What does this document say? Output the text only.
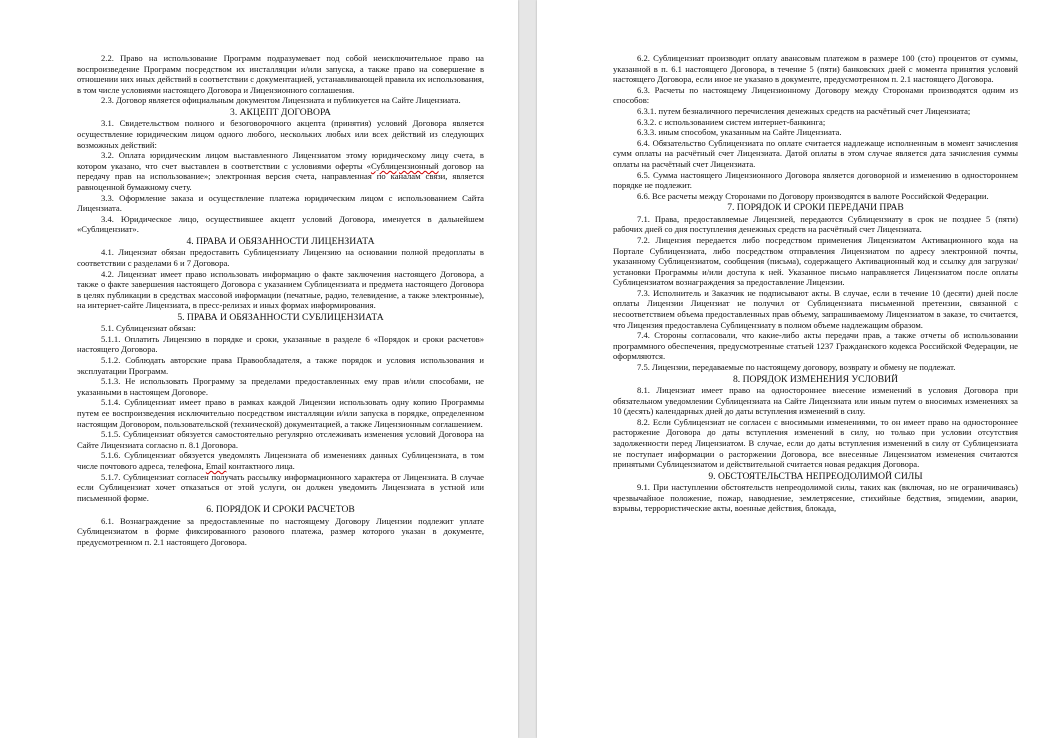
2.2. Право на использование Программ подразумевает под собой неисключительное право на воспроизведение Программ посредством их инсталляции и/или запуска, а также право на совершение в отношении них иных действий в соответствии с документацией, устанавливающей правила их использования, в том числе условиями настоящего Договора и Лицензионного соглашения.

2.3. Договор является официальным документом Лицензиата и публикуется на Сайте Лицензиата.

3. АКЦЕПТ ДОГОВОРА

3.1. Свидетельством полного и безоговорочного акцепта (принятия) условий Договора является осуществление юридическим лицом одного любого, нескольких любых или всех действий из следующих возможных действий:

3.2. Оплата юридическим лицом выставленного Лицензиатом этому юридическому лицу счета, в котором указано, что счет выставлен в соответствии с условиями оферты «Сублицензионный договор на передачу прав на использование»; электронная версия счета, направленная по каналам связи, является равноценной бумажному счету.

3.3. Оформление заказа и осуществление платежа юридическим лицом с использованием Сайта Лицензиата.

3.4. Юридическое лицо, осуществившее акцепт условий Договора, именуется в дальнейшем «Сублицензиат».

4. ПРАВА И ОБЯЗАННОСТИ ЛИЦЕНЗИАТА

4.1. Лицензиат обязан предоставить Сублицензиату Лицензию на основании полной предоплаты в соответствии с разделами 6 и 7 Договора.

4.2. Лицензиат имеет право использовать информацию о факте заключения настоящего Договора, а также о факте завершения настоящего Договора с указанием Сублицензиата и предмета настоящего Договора в целях публикации в средствах массовой информации (печатные, радио, телевидение, а также электронные), на интернет-сайте Лицензиата, в пресс-релизах и иных формах информирования.

5. ПРАВА И ОБЯЗАННОСТИ СУБЛИЦЕНЗИАТА

5.1. Сублицензиат обязан:

5.1.1. Оплатить Лицензию в порядке и сроки, указанные в разделе 6 «Порядок и сроки расчетов» настоящего Договора.

5.1.2. Соблюдать авторские права Правообладателя, а также порядок и условия использования и эксплуатации Программ.

5.1.3. Не использовать Программу за пределами предоставленных ему прав и/или способами, не указанными в настоящем Договоре.

5.1.4. Сублицензиат имеет право в рамках каждой Лицензии использовать одну копию Программы путем ее воспроизведения исключительно посредством инсталляции и/или запуска в порядке, определенном настоящим Договором, пользовательской (технической) документацией, а также Лицензионным соглашением.

5.1.5. Сублицензиат обязуется самостоятельно регулярно отслеживать изменения условий Договора на Сайте Лицензиата согласно п. 8.1 Договора.

5.1.6. Сублицензиат обязуется уведомлять Лицензиата об изменениях данных Сублицензиата, в том числе почтового адреса, телефона, Email контактного лица.

5.1.7. Сублицензиат согласен получать рассылку информационного характера от Лицензиата. В случае если Сублицензиат хочет отказаться от этой услуги, он должен уведомить Лицензиата в устной или письменной форме.

6. ПОРЯДОК И СРОКИ РАСЧЕТОВ

6.1. Вознаграждение за предоставленные по настоящему Договору Лицензии подлежит уплате Сублицензиатом в форме фиксированного разового платежа, размер которого указан в документе, предусмотренном п. 2.1 настоящего Договора.

6.2. Сублицензиат производит оплату авансовым платежом в размере 100 (сто) процентов от суммы, указанной в п. 6.1 настоящего Договора, в течение 5 (пяти) банковских дней с момента принятия условий настоящего Договора, если иное не указано в документе, предусмотренном п. 2.1 настоящего Договора.

6.3. Расчеты по настоящему Лицензионному Договору между Сторонами производятся одним из способов:

6.3.1. путем безналичного перечисления денежных средств на расчётный счет Лицензиата;

6.3.2. с использованием систем интернет-банкинга;

6.3.3. иным способом, указанным на Сайте Лицензиата.

6.4. Обязательство Сублицензиата по оплате считается надлежаще исполненным в момент зачисления сумм оплаты на расчётный счет Лицензиата. Датой оплаты в этом случае является дата зачисления суммы оплаты на расчётный счет Лицензиата.

6.5. Сумма настоящего Лицензионного Договора является договорной и изменению в одностороннем порядке не подлежит.

6.6. Все расчеты между Сторонами по Договору производятся в валюте Российской Федерации.

7. ПОРЯДОК И СРОКИ ПЕРЕДАЧИ ПРАВ

7.1. Права, предоставляемые Лицензией, передаются Сублицензиату в срок не позднее 5 (пяти) рабочих дней со дня поступления денежных средств на расчётный счет Лицензиата.

7.2. Лицензия передается либо посредством применения Лицензиатом Активационного кода на Портале Сублицензиата, либо посредством отправления Лицензиатом по адресу электронной почты, указанному Сублицензиатом, сообщения (письма), содержащего Активационный код и ссылку для загрузки/установки Программы и/или доступа к ней. Указанное письмо направляется Лицензиатом после оплаты Сублицензиатом вознаграждения за предоставление Лицензии.

7.3. Исполнитель и Заказчик не подписывают акты. В случае, если в течение 10 (десяти) дней после оплаты Лицензии Лицензиат не получил от Сублицензиата письменной претензии, связанной с несоответствием объема предоставленных прав объему, запрашиваемому Лицензиатом в заказе, то считается, что Лицензия предоставлена Сублицензиату в полном объеме надлежащим образом.

7.4. Стороны согласовали, что какие-либо акты передачи прав, а также отчеты об использовании программного обеспечения, предусмотренные статьей 1237 Гражданского кодекса Российской Федерации, не оформляются.

7.5. Лицензии, передаваемые по настоящему договору, возврату и обмену не подлежат.

8. ПОРЯДОК ИЗМЕНЕНИЯ УСЛОВИЙ

8.1. Лицензиат имеет право на одностороннее внесение изменений в условия Договора при обязательном уведомлении Сублицензиата на Сайте Лицензиата или иным путем о вносимых изменениях за 10 (десять) календарных дней до даты вступления изменений в силу.

8.2. Если Сублицензиат не согласен с вносимыми изменениями, то он имеет право на одностороннее расторжение Договора до даты вступления изменений в силу, но только при условии отсутствия задолженности перед Лицензиатом. В случае, если до даты вступления изменений в силу от Сублицензиата не поступает информации о расторжении Договора, все внесенные Лицензиатом изменения считаются принятыми Сублицензиатом и действительной считается новая редакция Договора.

9. ОБСТОЯТЕЛЬСТВА НЕПРЕОДОЛИМОЙ СИЛЫ

9.1. При наступлении обстоятельств непреодолимой силы, таких как (включая, но не ограничиваясь) чрезвычайное положение, пожар, наводнение, землетрясение, стихийные бедствия, эпидемии, аварии, взрывы, террористические акты, военные действия, блокада,
